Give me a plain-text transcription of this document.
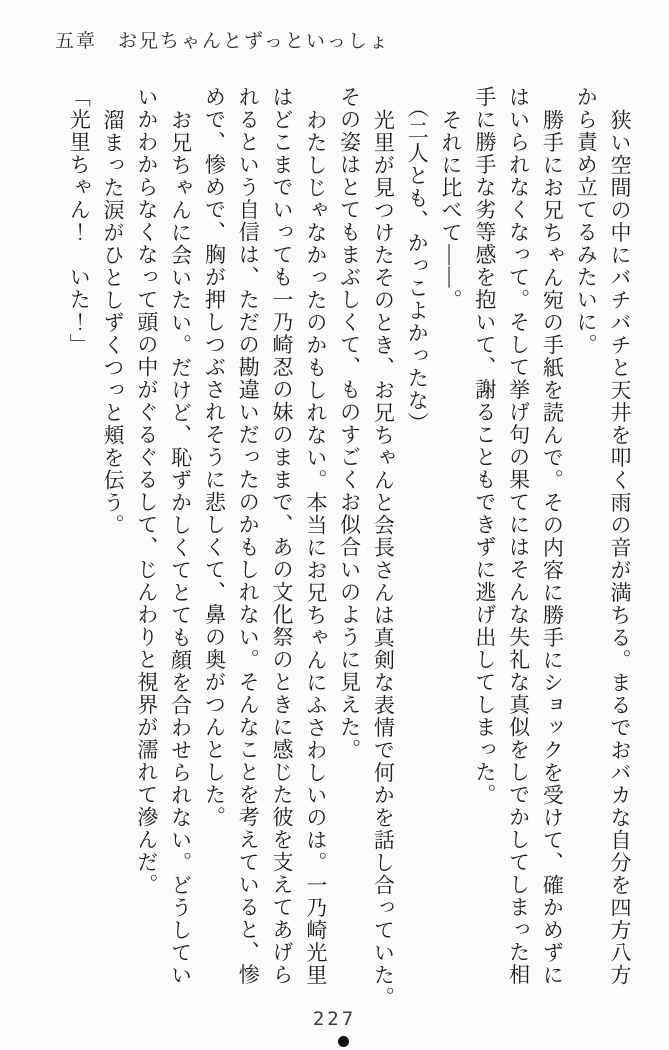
五章　お兄ちゃんとずっといっしょ

狭い空間の中にバチバチと天井を叩く雨の音が満ちる。まるでおバカな自分を四方八方

から責め立てるみたいに。

勝手にお兄ちゃん宛の手紙を読んで。その内容に勝手にショックを受けて、確かめずに

はいられなくなって。そして挙げ句の果てにはそんな失礼な真似をしでかしてしまった相

手に勝手な劣等感を抱いて、謝ることもできずに逃げ出してしまった。

それに比べて――。

（二人とも、かっこよかったな）

光里が見つけたそのとき、お兄ちゃんと会長さんは真剣な表情で何かを話し合っていた。

その姿はとてもまぶしくて、ものすごくお似合いのように見えた。

わたしじゃなかったのかもしれない。本当にお兄ちゃんにふさわしいのは。一乃崎光里

はどこまでいっても一乃崎忍の妹のままで、あの文化祭のときに感じた彼を支えてあげら

れるという自信は、ただの勘違いだったのかもしれない。そんなことを考えていると、惨

めで、惨めで、胸が押しつぶされそうに悲しくて、鼻の奥がつんとした。

お兄ちゃんに会いたい。だけど、恥ずかしくてとても顔を合わせられない。どうしてい

いかわからなくなって頭の中がぐるぐるして、じんわりと視界が濡れて滲んだ。

溜まった涙がひとしずくつっと頬を伝う。

「光里ちゃん！　いた！」

227
